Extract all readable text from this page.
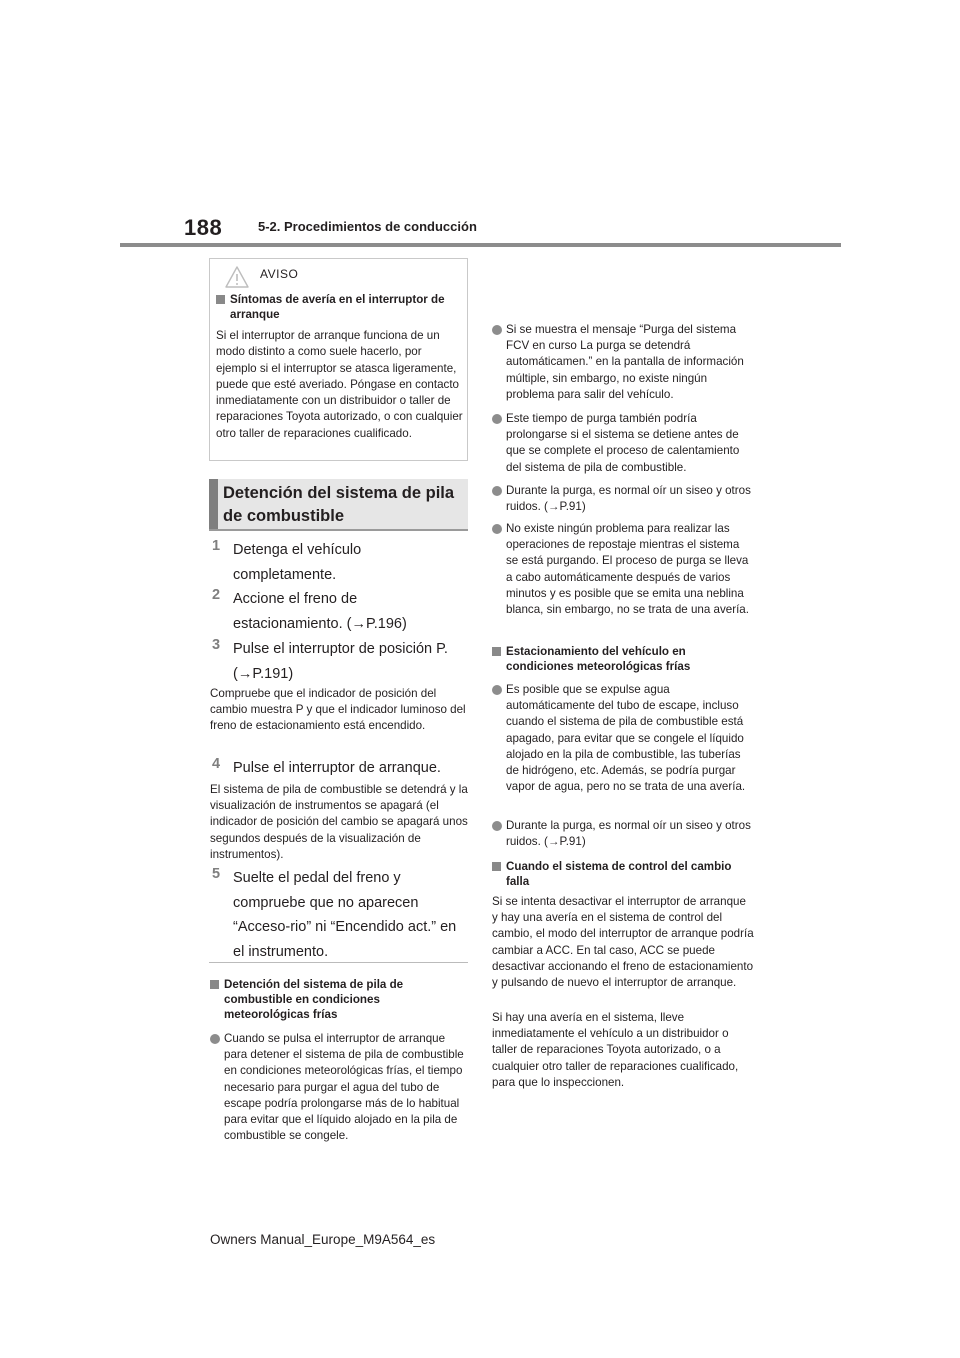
188	5-2. Procedimientos de conducción
AVISO
Síntomas de avería en el interruptor de arranque
Si el interruptor de arranque funciona de un modo distinto a como suele hacerlo, por ejemplo si el interruptor se atasca ligeramente, puede que esté averiado. Póngase en contacto inmediatamente con un distribuidor o taller de reparaciones Toyota autorizado, o con cualquier otro taller de reparaciones cualificado.
Detención del sistema de pila de combustible
1 Detenga el vehículo completamente.
2 Accione el freno de estacionamiento. (→P.196)
3 Pulse el interruptor de posición P. (→P.191)
Compruebe que el indicador de posición del cambio muestra P y que el indicador luminoso del freno de estacionamiento está encendido.
4 Pulse el interruptor de arranque.
El sistema de pila de combustible se detendrá y la visualización de instrumentos se apagará (el indicador de posición del cambio se apagará unos segundos después de la visualización de instrumentos).
5 Suelte el pedal del freno y compruebe que no aparecen “Acceso-rio” ni “Encendido act.” en el instrumento.
Detención del sistema de pila de combustible en condiciones meteorológicas frías
Cuando se pulsa el interruptor de arranque para detener el sistema de pila de combustible en condiciones meteorológicas frías, el tiempo necesario para purgar el agua del tubo de escape podría prolongarse más de lo habitual para evitar que el líquido alojado en la pila de combustible se congele.
Si se muestra el mensaje “Purga del sistema FCV en curso La purga se detendrá automáticamen.” en la pantalla de información múltiple, sin embargo, no existe ningún problema para salir del vehículo.
Este tiempo de purga también podría prolongarse si el sistema se detiene antes de que se complete el proceso de calentamiento del sistema de pila de combustible.
Durante la purga, es normal oír un siseo y otros ruidos. (→P.91)
No existe ningún problema para realizar las operaciones de repostaje mientras el sistema se está purgando. El proceso de purga se lleva a cabo automáticamente después de varios minutos y es posible que se emita una neblina blanca, sin embargo, no se trata de una avería.
Estacionamiento del vehículo en condiciones meteorológicas frías
Es posible que se expulse agua automáticamente del tubo de escape, incluso cuando el sistema de pila de combustible está apagado, para evitar que se congele el líquido alojado en la pila de combustible, las tuberías de hidrógeno, etc. Además, se podría purgar vapor de agua, pero no se trata de una avería.
Durante la purga, es normal oír un siseo y otros ruidos. (→P.91)
Cuando el sistema de control del cambio falla
Si se intenta desactivar el interruptor de arranque y hay una avería en el sistema de control del cambio, el modo del interruptor de arranque podría cambiar a ACC. En tal caso, ACC se puede desactivar accionando el freno de estacionamiento y pulsando de nuevo el interruptor de arranque.
Si hay una avería en el sistema, lleve inmediatamente el vehículo a un distribuidor o taller de reparaciones Toyota autorizado, o a cualquier otro taller de reparaciones cualificado, para que lo inspeccionen.
Owners Manual_Europe_M9A564_es
